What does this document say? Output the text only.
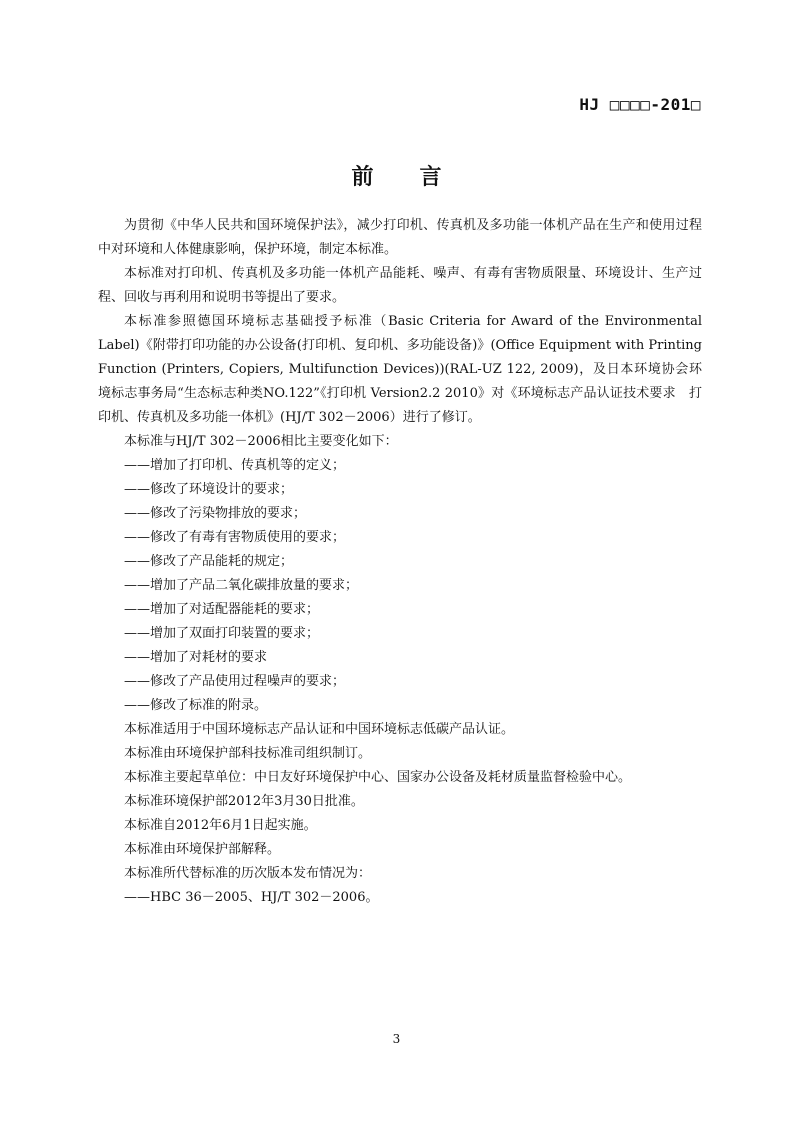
HJ □□□□-201□
前言

为贯彻《中华人民共和国环境保护法》，减少打印机、传真机及多功能一体机产品在生产和使用过程中对环境和人体健康影响，保护环境，制定本标准。

本标准对打印机、传真机及多功能一体机产品能耗、噪声、有毒有害物质限量、环境设计、生产过程、回收与再利用和说明书等提出了要求。

本标准参照德国环境标志基础授予标准（Basic Criteria for Award of the Environmental Label)《附带打印功能的办公设备(打印机、复印机、多功能设备)》(Office Equipment with Printing Function (Printers, Copiers, Multifunction Devices))(RAL-UZ 122, 2009)，及日本环境协会环境标志事务局“生态标志种类NO.122”《打印机 Version2.2 2010》对《环境标志产品认证技术要求　打印机、传真机及多功能一体机》(HJ/T 302－2006）进行了修订。

本标准与HJ/T 302－2006相比主要变化如下：

——增加了打印机、传真机等的定义；

——修改了环境设计的要求；

——修改了污染物排放的要求；

——修改了有毒有害物质使用的要求；

——修改了产品能耗的规定；

——增加了产品二氧化碳排放量的要求；

——增加了对适配器能耗的要求；

——增加了双面打印装置的要求；

——增加了对耗材的要求

——修改了产品使用过程噪声的要求；

——修改了标准的附录。

本标准适用于中国环境标志产品认证和中国环境标志低碳产品认证。

本标准由环境保护部科技标准司组织制订。

本标准主要起草单位：中日友好环境保护中心、国家办公设备及耗材质量监督检验中心。

本标准环境保护部2012年3月30日批准。

本标准自2012年6月1日起实施。

本标准由环境保护部解释。

本标准所代替标准的历次版本发布情况为：

——HBC 36－2005、HJ/T 302－2006。

3
